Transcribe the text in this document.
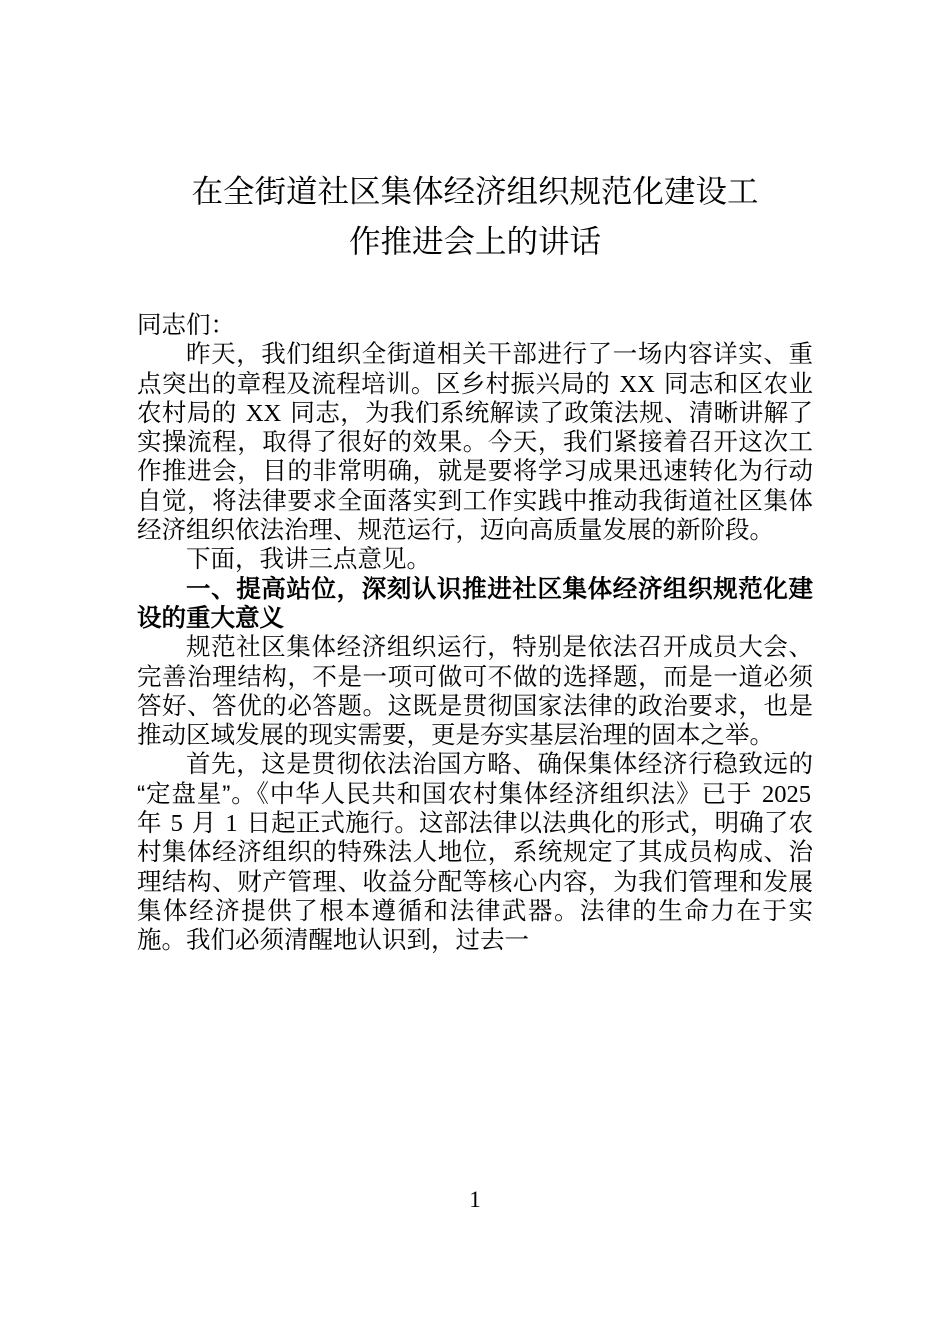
在全街道社区集体经济组织规范化建设工
作推进会上的讲话

同志们：

昨天，我们组织全街道相关干部进行了一场内容详实、重点突出的章程及流程培训。区乡村振兴局的 XX 同志和区农业农村局的 XX 同志，为我们系统解读了政策法规、清晰讲解了实操流程，取得了很好的效果。今天，我们紧接着召开这次工作推进会，目的非常明确，就是要将学习成果迅速转化为行动自觉，将法律要求全面落实到工作实践中推动我街道社区集体经济组织依法治理、规范运行，迈向高质量发展的新阶段。

下面，我讲三点意见。

一、提高站位，深刻认识推进社区集体经济组织规范化建设的重大意义

规范社区集体经济组织运行，特别是依法召开成员大会、完善治理结构，不是一项可做可不做的选择题，而是一道必须答好、答优的必答题。这既是贯彻国家法律的政治要求，也是推动区域发展的现实需要，更是夯实基层治理的固本之举。

首先，这是贯彻依法治国方略、确保集体经济行稳致远的“定盘星”。《中华人民共和国农村集体经济组织法》已于 2025 年 5 月 1 日起正式施行。这部法律以法典化的形式，明确了农村集体经济组织的特殊法人地位，系统规定了其成员构成、治理结构、财产管理、收益分配等核心内容，为我们管理和发展集体经济提供了根本遵循和法律武器。法律的生命力在于实施。我们必须清醒地认识到，过去一

1
